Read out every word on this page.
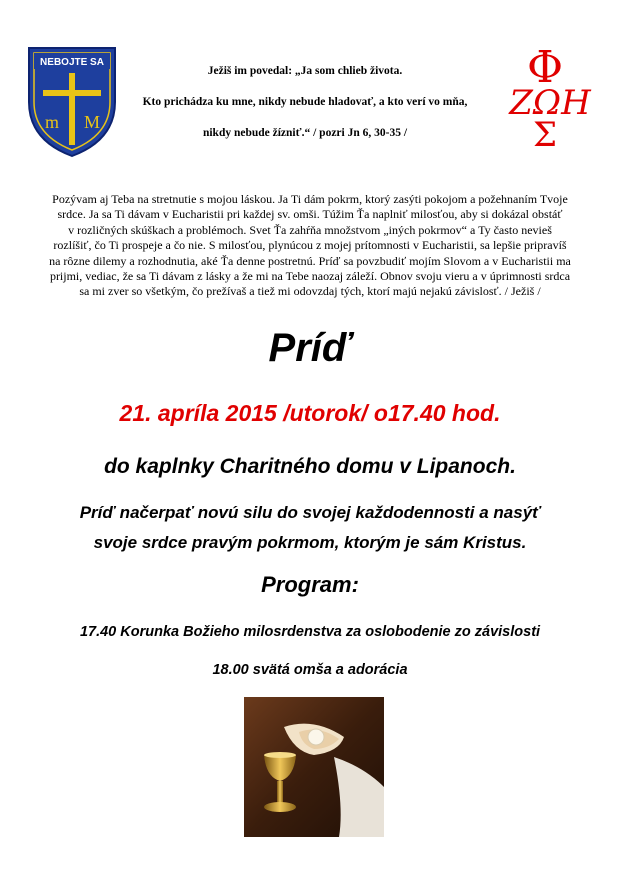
NEBOJTE SA
m M
Φ
ΖΩΗ
Σ
Ježiš im povedal: „Ja som chlieb života.
Kto prichádza ku mne, nikdy nebude hladovať, a kto verí vo mňa,
nikdy nebude žízniť.“ / pozri Jn 6, 30-35 /
Pozývam aj Teba na stretnutie s mojou láskou. Ja Ti dám pokrm, ktorý zasýti pokojom a požehnaním Tvoje
srdce. Ja sa Ti dávam v Eucharistii pri každej sv. omši. Túžim Ťa naplniť milosťou, aby si dokázal obstáť
v rozličných skúškach a problémoch. Svet Ťa zahŕňa množstvom „iných pokrmov“ a Ty často nevieš
rozlíšiť, čo Ti prospeje a čo nie. S milosťou, plynúcou z mojej prítomnosti v Eucharistii, sa lepšie pripravíš
na rôzne dilemy a rozhodnutia, aké Ťa denne postretnú. Príď sa povzbudiť mojím Slovom a v Eucharistii ma
prijmi, vediac, že sa Ti dávam z lásky a že mi na Tebe naozaj záleží. Obnov svoju vieru a v úprimnosti srdca
sa mi zver so všetkým, čo prežívaš a tiež mi odovzdaj tých, ktorí majú nejakú závislosť. / Ježiš /
Príď
21. apríla 2015 /utorok/ o17.40 hod.
do kaplnky Charitného domu v Lipanoch.
Príď načerpať novú silu do svojej každodennosti a nasýť
svoje srdce pravým pokrmom, ktorým je sám Kristus.
Program:
17.40 Korunka Božieho milosrdenstva za oslobodenie zo závislosti
18.00 svätá omša a adorácia
